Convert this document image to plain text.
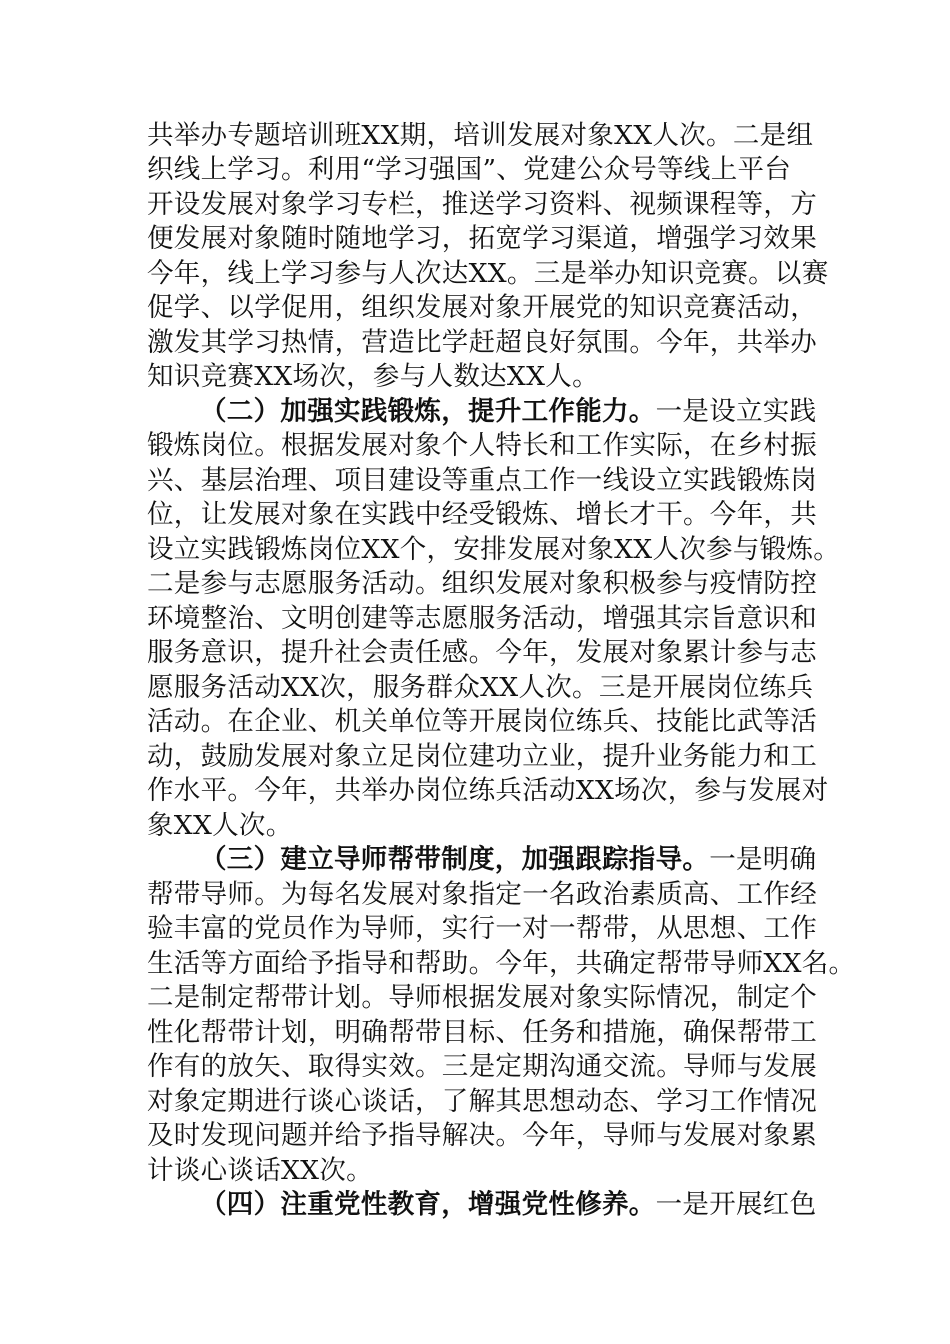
共举办专题培训班XX期，培训发展对象XX人次。二是组
织线上学习。利用“学习强国”、党建公众号等线上平台
开设发展对象学习专栏，推送学习资料、视频课程等，方
便发展对象随时随地学习，拓宽学习渠道，增强学习效果
今年，线上学习参与人次达XX。三是举办知识竞赛。以赛
促学、以学促用，组织发展对象开展党的知识竞赛活动，
激发其学习热情，营造比学赶超良好氛围。今年，共举办
知识竞赛XX场次，参与人数达XX人。
（二）加强实践锻炼，提升工作能力。一是设立实践
锻炼岗位。根据发展对象个人特长和工作实际，在乡村振
兴、基层治理、项目建设等重点工作一线设立实践锻炼岗
位，让发展对象在实践中经受锻炼、增长才干。今年，共
设立实践锻炼岗位XX个，安排发展对象XX人次参与锻炼。
二是参与志愿服务活动。组织发展对象积极参与疫情防控
环境整治、文明创建等志愿服务活动，增强其宗旨意识和
服务意识，提升社会责任感。今年，发展对象累计参与志
愿服务活动XX次，服务群众XX人次。三是开展岗位练兵
活动。在企业、机关单位等开展岗位练兵、技能比武等活
动，鼓励发展对象立足岗位建功立业，提升业务能力和工
作水平。今年，共举办岗位练兵活动XX场次，参与发展对
象XX人次。
（三）建立导师帮带制度，加强跟踪指导。一是明确
帮带导师。为每名发展对象指定一名政治素质高、工作经
验丰富的党员作为导师，实行一对一帮带，从思想、工作
生活等方面给予指导和帮助。今年，共确定帮带导师XX名。
二是制定帮带计划。导师根据发展对象实际情况，制定个
性化帮带计划，明确帮带目标、任务和措施，确保帮带工
作有的放矢、取得实效。三是定期沟通交流。导师与发展
对象定期进行谈心谈话，了解其思想动态、学习工作情况
及时发现问题并给予指导解决。今年，导师与发展对象累
计谈心谈话XX次。
（四）注重党性教育，增强党性修养。一是开展红色
